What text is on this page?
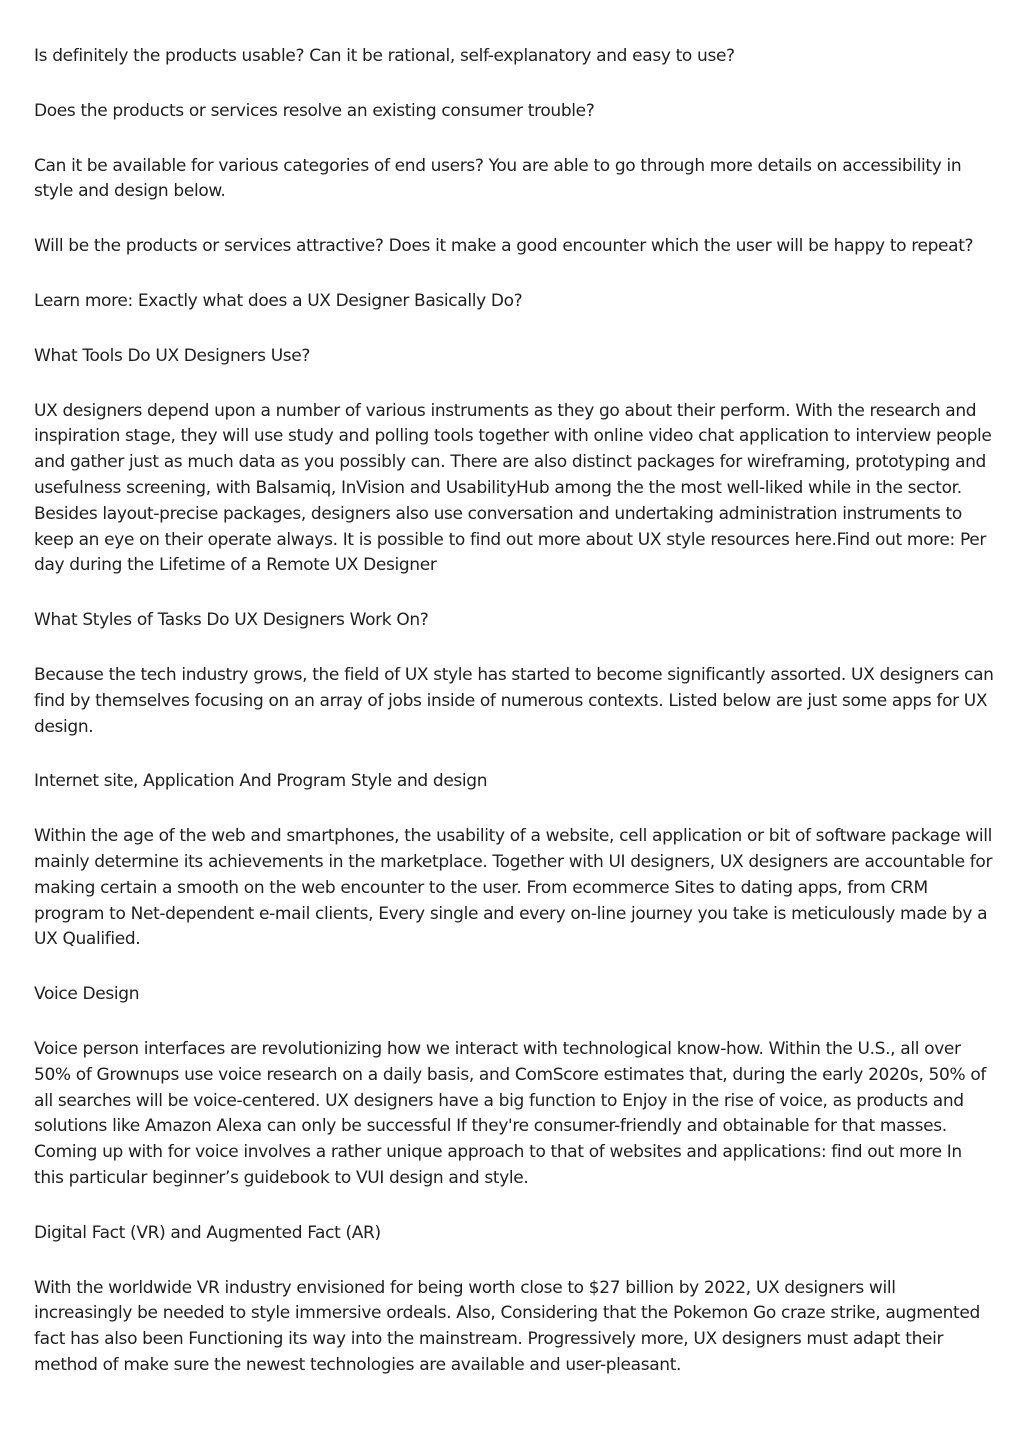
Is definitely the products usable? Can it be rational, self-explanatory and easy to use?

Does the products or services resolve an existing consumer trouble?

Can it be available for various categories of end users? You are able to go through more details on accessibility in style and design below.

Will be the products or services attractive? Does it make a good encounter which the user will be happy to repeat?

Learn more: Exactly what does a UX Designer Basically Do?

What Tools Do UX Designers Use?

UX designers depend upon a number of various instruments as they go about their perform. With the research and inspiration stage, they will use study and polling tools together with online video chat application to interview people and gather just as much data as you possibly can. There are also distinct packages for wireframing, prototyping and usefulness screening, with Balsamiq, InVision and UsabilityHub among the the most well-liked while in the sector. Besides layout-precise packages, designers also use conversation and undertaking administration instruments to keep an eye on their operate always. It is possible to find out more about UX style resources here.Find out more: Per day during the Lifetime of a Remote UX Designer

What Styles of Tasks Do UX Designers Work On?

Because the tech industry grows, the field of UX style has started to become significantly assorted. UX designers can find by themselves focusing on an array of jobs inside of numerous contexts. Listed below are just some apps for UX design.

Internet site, Application And Program Style and design

Within the age of the web and smartphones, the usability of a website, cell application or bit of software package will mainly determine its achievements in the marketplace. Together with UI designers, UX designers are accountable for making certain a smooth on the web encounter to the user. From ecommerce Sites to dating apps, from CRM program to Net-dependent e-mail clients, Every single and every on-line journey you take is meticulously made by a UX Qualified.

Voice Design

Voice person interfaces are revolutionizing how we interact with technological know-how. Within the U.S., all over 50% of Grownups use voice research on a daily basis, and ComScore estimates that, during the early 2020s, 50% of all searches will be voice-centered. UX designers have a big function to Enjoy in the rise of voice, as products and solutions like Amazon Alexa can only be successful If they're consumer-friendly and obtainable for that masses. Coming up with for voice involves a rather unique approach to that of websites and applications: find out more In this particular beginner’s guidebook to VUI design and style.

Digital Fact (VR) and Augmented Fact (AR)

With the worldwide VR industry envisioned for being worth close to $27 billion by 2022, UX designers will increasingly be needed to style immersive ordeals. Also, Considering that the Pokemon Go craze strike, augmented fact has also been Functioning its way into the mainstream. Progressively more, UX designers must adapt their method of make sure the newest technologies are available and user-pleasant.
